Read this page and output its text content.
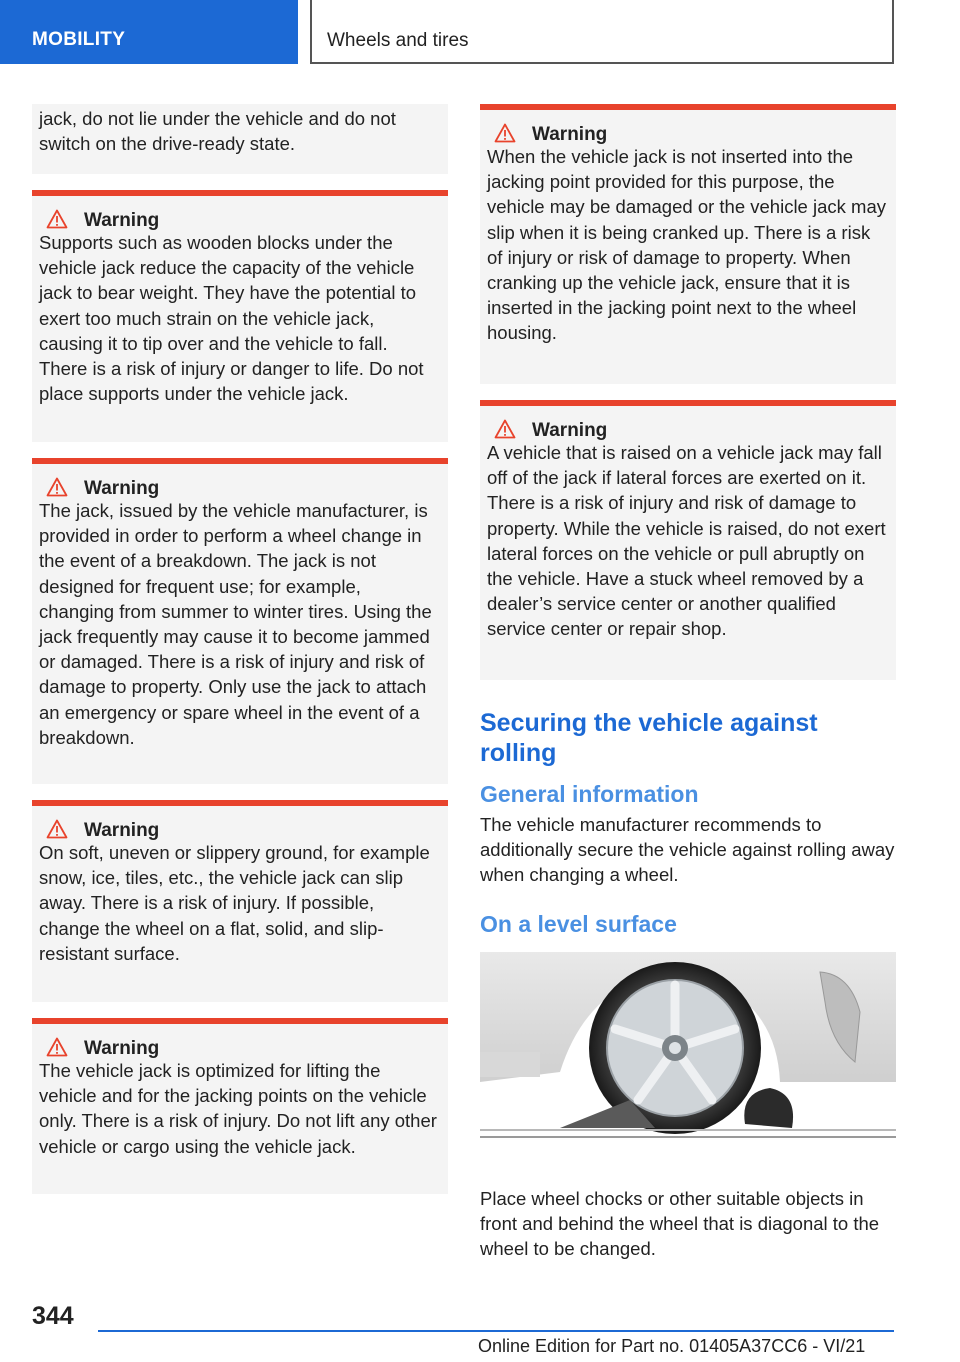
MOBILITY	Wheels and tires
jack, do not lie under the vehicle and do not switch on the drive-ready state.
Warning
Supports such as wooden blocks under the vehicle jack reduce the capacity of the vehicle jack to bear weight. They have the potential to exert too much strain on the vehicle jack, causing it to tip over and the vehicle to fall. There is a risk of injury or danger to life. Do not place supports under the vehicle jack.
Warning
The jack, issued by the vehicle manufacturer, is provided in order to perform a wheel change in the event of a breakdown. The jack is not designed for frequent use; for example, changing from summer to winter tires. Using the jack frequently may cause it to become jammed or damaged. There is a risk of injury and risk of damage to property. Only use the jack to attach an emergency or spare wheel in the event of a breakdown.
Warning
On soft, uneven or slippery ground, for example snow, ice, tiles, etc., the vehicle jack can slip away. There is a risk of injury. If possible, change the wheel on a flat, solid, and slip-resistant surface.
Warning
The vehicle jack is optimized for lifting the vehicle and for the jacking points on the vehicle only. There is a risk of injury. Do not lift any other vehicle or cargo using the vehicle jack.
Warning
When the vehicle jack is not inserted into the jacking point provided for this purpose, the vehicle may be damaged or the vehicle jack may slip when it is being cranked up. There is a risk of injury or risk of damage to property. When cranking up the vehicle jack, ensure that it is inserted in the jacking point next to the wheel housing.
Warning
A vehicle that is raised on a vehicle jack may fall off of the jack if lateral forces are exerted on it. There is a risk of injury and risk of damage to property. While the vehicle is raised, do not exert lateral forces on the vehicle or pull abruptly on the vehicle. Have a stuck wheel removed by a dealer’s service center or another qualified service center or repair shop.
Securing the vehicle against rolling
General information

The vehicle manufacturer recommends to additionally secure the vehicle against rolling away when changing a wheel.

On a level surface

Place wheel chocks or other suitable objects in front and behind the wheel that is diagonal to the wheel to be changed.

344
Online Edition for Part no. 01405A37CC6 - VI/21
